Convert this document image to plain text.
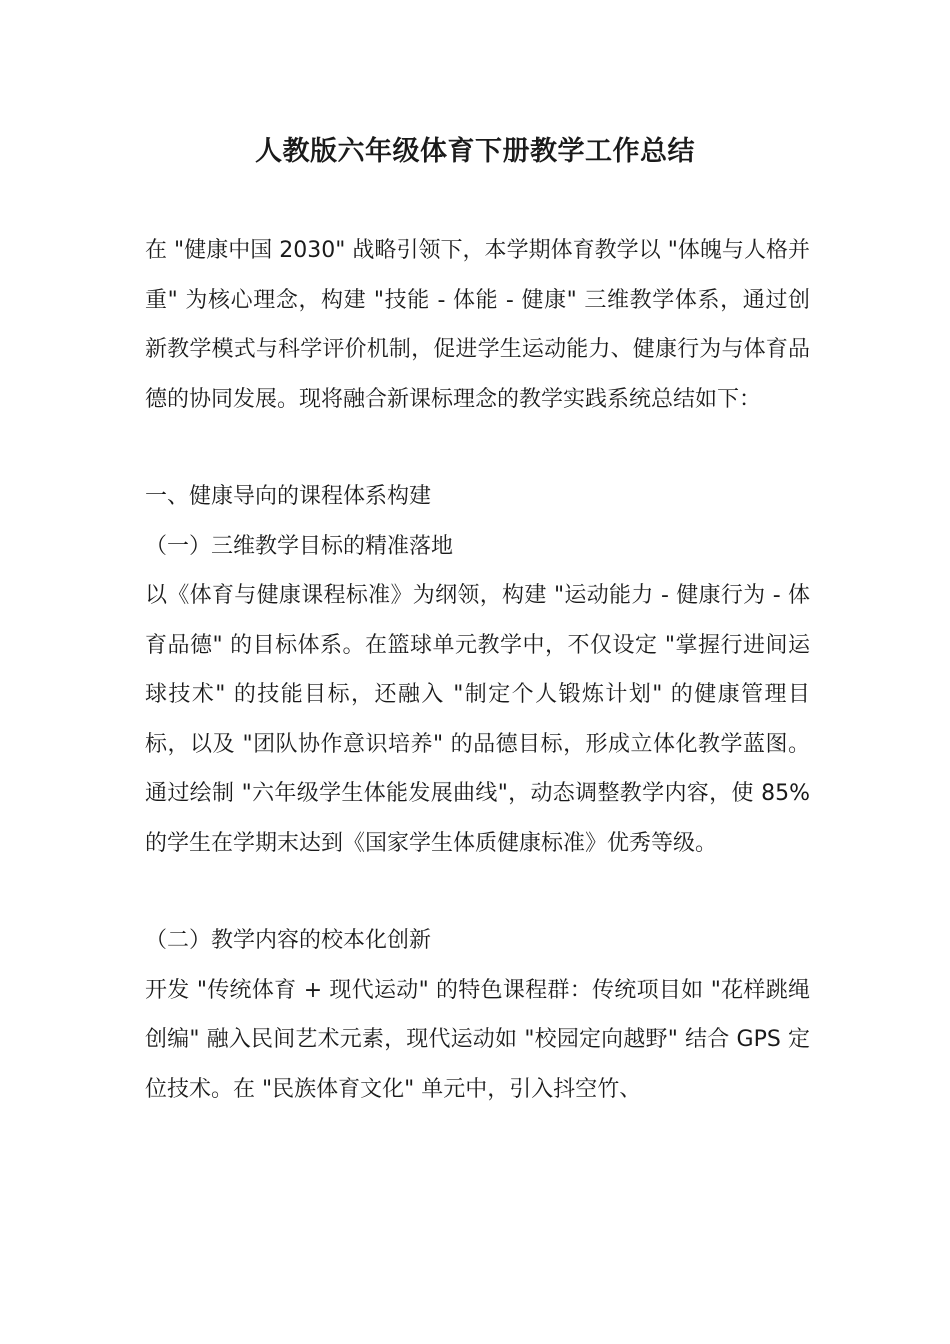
人教版六年级体育下册教学工作总结

在 "健康中国 2030" 战略引领下，本学期体育教学以 "体魄与人格并重" 为核心理念，构建 "技能 - 体能 - 健康" 三维教学体系，通过创新教学模式与科学评价机制，促进学生运动能力、健康行为与体育品德的协同发展。现将融合新课标理念的教学实践系统总结如下：

一、健康导向的课程体系构建

（一）三维教学目标的精准落地

以《体育与健康课程标准》为纲领，构建 "运动能力 - 健康行为 - 体育品德" 的目标体系。在篮球单元教学中，不仅设定 "掌握行进间运球技术" 的技能目标，还融入 "制定个人锻炼计划" 的健康管理目标，以及 "团队协作意识培养" 的品德目标，形成立体化教学蓝图。通过绘制 "六年级学生体能发展曲线"，动态调整教学内容，使 85% 的学生在学期末达到《国家学生体质健康标准》优秀等级。

（二）教学内容的校本化创新

开发 "传统体育 + 现代运动" 的特色课程群：传统项目如 "花样跳绳创编" 融入民间艺术元素，现代运动如 "校园定向越野" 结合 GPS 定位技术。在 "民族体育文化" 单元中，引入抖空竹、
